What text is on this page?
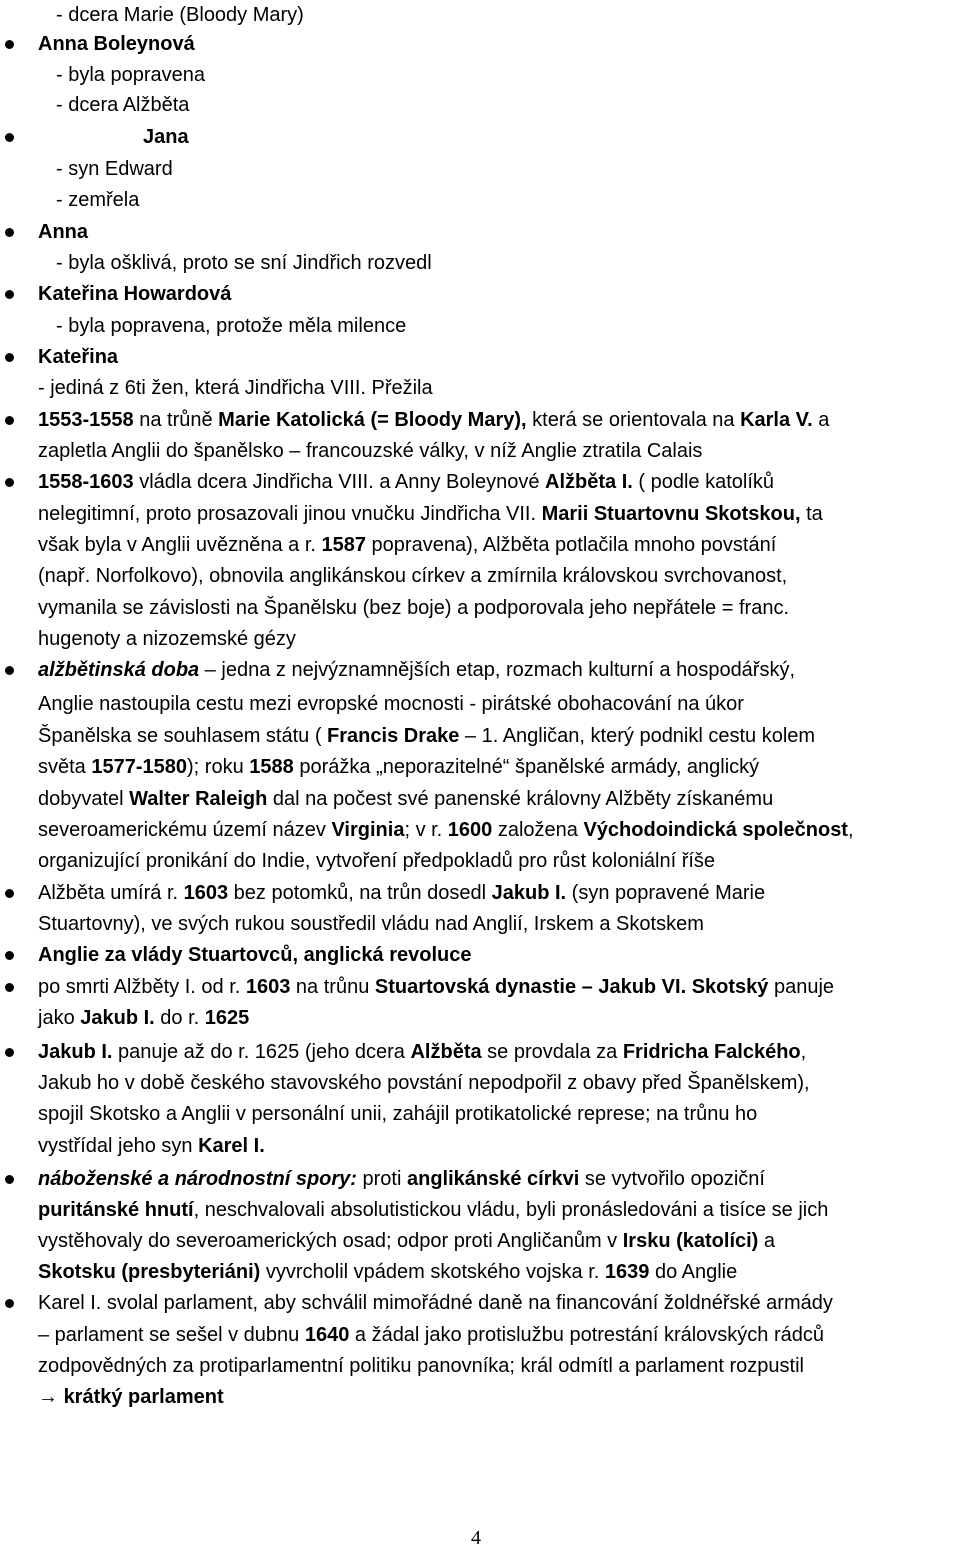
- dcera Marie (Bloody Mary)
Anna Boleynová
- byla popravena
- dcera Alžběta
Jana
- syn Edward
- zemřela
Anna
- byla ošklivá, proto se sní Jindřich rozvedl
Kateřina Howardová
- byla popravena, protože měla milence
Kateřina
- jediná z 6ti žen, která Jindřicha VIII. Přežila
1553-1558 na trůně Marie Katolická (= Bloody Mary), která se orientovala na Karla V. a
zapletla Anglii do španělsko – francouzské války, v níž Anglie ztratila Calais
1558-1603 vládla dcera Jindřicha VIII. a Anny Boleynové Alžběta I. ( podle katolíků
nelegitimní, proto prosazovali jinou vnučku Jindřicha VII. Marii Stuartovnu Skotskou, ta
však byla v Anglii uvězněna a r. 1587 popravena), Alžběta potlačila mnoho povstání
(např. Norfolkovo), obnovila anglikánskou církev a zmírnila královskou svrchovanost,
vymanila se závislosti na Španělsku (bez boje) a podporovala jeho nepřátele = franc.
hugenoty a nizozemské gézy
alžbětinská doba – jedna z nejvýznamnějších etap, rozmach kulturní a hospodářský,
Anglie nastoupila cestu mezi evropské mocnosti - pirátské obohacování na úkor
Španělska se souhlasem státu ( Francis Drake – 1. Angličan, který podnikl cestu kolem
světa 1577-1580); roku 1588 porážka „neporazitelné“ španělské armády, anglický
dobyvatel Walter Raleigh dal na počest své panenské královny Alžběty získanému
severoamerickému území název Virginia; v r. 1600 založena Východoindická společnost,
organizující pronikání do Indie, vytvoření předpokladů pro růst koloniální říše
Alžběta umírá r. 1603 bez potomků, na trůn dosedl Jakub I. (syn popravené Marie
Stuartovny), ve svých rukou soustředil vládu nad Anglií, Irskem a Skotskem
Anglie za vlády Stuartovců, anglická revoluce
po smrti Alžběty I. od r. 1603 na trůnu Stuartovská dynastie – Jakub VI. Skotský panuje
jako Jakub I. do r. 1625
Jakub I. panuje až do r. 1625 (jeho dcera Alžběta se provdala za Fridricha Falckého,
Jakub ho v době českého stavovského povstání nepodpořil z obavy před Španělskem),
spojil Skotsko a Anglii v personální unii, zahájil protikatolické represe; na trůnu ho
vystřídal jeho syn Karel I.
náboženské a národnostní spory: proti anglikánské církvi se vytvořilo opoziční
puritánské hnutí, neschvalovali absolutistickou vládu, byli pronásledováni a tisíce se jich
vystěhovaly do severoamerických osad; odpor proti Angličanům v Irsku (katolíci) a
Skotsku (presbyteriáni) vyvrcholil vpádem skotského vojska r. 1639 do Anglie
Karel I. svolal parlament, aby schválil mimořádné daně na financování žoldnéřské armády
– parlament se sešel v dubnu 1640 a žádal jako protislužbu potrestání královských rádců
zodpovědných za protiparlamentní politiku panovníka; král odmítl a parlament rozpustil
→ krátký parlament
4
